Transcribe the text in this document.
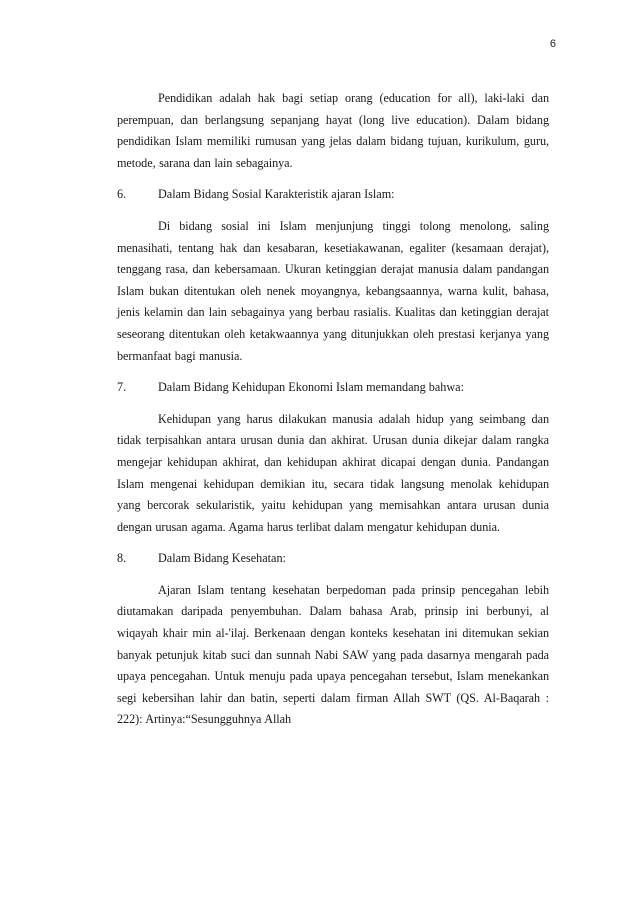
6

Pendidikan adalah hak bagi setiap orang (education for all), laki-laki dan perempuan, dan berlangsung sepanjang hayat (long live education). Dalam bidang pendidikan Islam memiliki rumusan yang jelas dalam bidang tujuan, kurikulum, guru, metode, sarana dan lain sebagainya.

6.	Dalam Bidang Sosial Karakteristik ajaran Islam:

Di bidang sosial ini Islam menjunjung tinggi tolong menolong, saling menasihati, tentang hak dan kesabaran, kesetiakawanan, egaliter (kesamaan derajat), tenggang rasa, dan kebersamaan. Ukuran ketinggian derajat manusia dalam pandangan Islam bukan ditentukan oleh nenek moyangnya, kebangsaannya, warna kulit, bahasa, jenis kelamin dan lain sebagainya yang berbau rasialis. Kualitas dan ketinggian derajat seseorang ditentukan oleh ketakwaannya yang ditunjukkan oleh prestasi kerjanya yang bermanfaat bagi manusia.

7.	Dalam Bidang Kehidupan Ekonomi Islam memandang bahwa:

Kehidupan yang harus dilakukan manusia adalah hidup yang seimbang dan tidak terpisahkan antara urusan dunia dan akhirat. Urusan dunia dikejar dalam rangka mengejar kehidupan akhirat, dan kehidupan akhirat dicapai dengan dunia. Pandangan Islam mengenai kehidupan demikian itu, secara tidak langsung menolak kehidupan yang bercorak sekularistik, yaitu kehidupan yang memisahkan antara urusan dunia dengan urusan agama. Agama harus terlibat dalam mengatur kehidupan dunia.

8.	Dalam Bidang Kesehatan:

Ajaran Islam tentang kesehatan berpedoman pada prinsip pencegahan lebih diutamakan daripada penyembuhan. Dalam bahasa Arab, prinsip ini berbunyi, al wiqayah khair min al-'ilaj. Berkenaan dengan konteks kesehatan ini ditemukan sekian banyak petunjuk kitab suci dan sunnah Nabi SAW yang pada dasarnya mengarah pada upaya pencegahan. Untuk menuju pada upaya pencegahan tersebut, Islam menekankan segi kebersihan lahir dan batin, seperti dalam firman Allah SWT (QS. Al-Baqarah : 222): Artinya:“Sesungguhnya Allah
